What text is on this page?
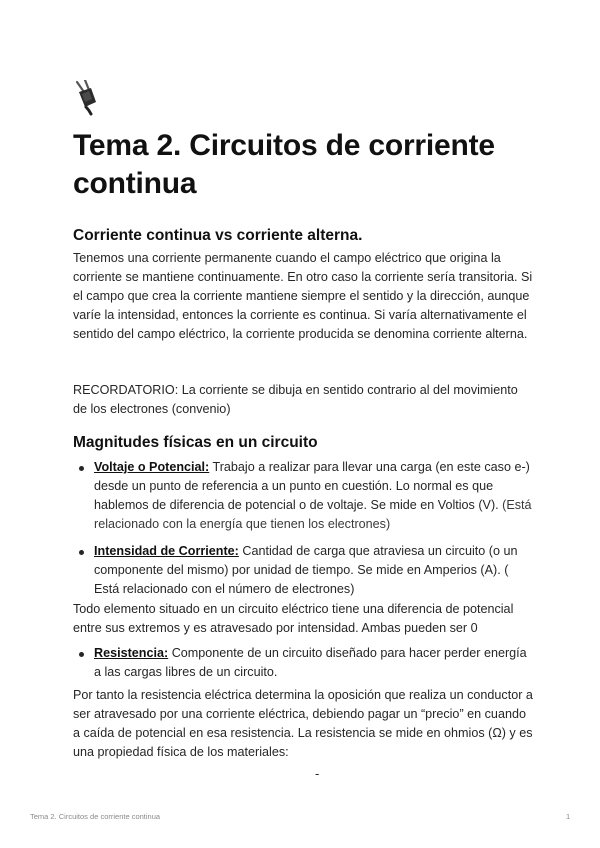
Tema 2. Circuitos de corriente continua
Corriente continua vs corriente alterna.

Tenemos una corriente permanente cuando el campo eléctrico que origina la corriente se mantiene continuamente. En otro caso la corriente sería transitoria. Si el campo que crea la corriente mantiene siempre el sentido y la dirección, aunque varíe la intensidad, entonces la corriente es continua. Si varía alternativamente el sentido del campo eléctrico, la corriente producida se denomina corriente alterna.

RECORDATORIO: La corriente se dibuja en sentido contrario al del movimiento de los electrones (convenio)

Magnitudes físicas en un circuito
Voltaje o Potencial: Trabajo a realizar para llevar una carga (en este caso e-) desde un punto de referencia a un punto en cuestión. Lo normal es que hablemos de diferencia de potencial o de voltaje. Se mide en Voltios (V). (Está relacionado con la energía que tienen los electrones)
Intensidad de Corriente: Cantidad de carga que atraviesa un circuito (o un componente del mismo) por unidad de tiempo. Se mide en Amperios (A). ( Está relacionado con el número de electrones)

Todo elemento situado en un circuito eléctrico tiene una diferencia de potencial entre sus extremos y es atravesado por intensidad. Ambas pueden ser 0

Resistencia: Componente de un circuito diseñado para hacer perder energía a las cargas libres de un circuito.

Por tanto la resistencia eléctrica determina la oposición que realiza un conductor a ser atravesado por una corriente eléctrica, debiendo pagar un “precio” en cuando a caída de potencial en esa resistencia. La resistencia se mide en ohmios (Ω) y es una propiedad física de los materiales:

-
Tema 2. Circuitos de corriente continua	1
